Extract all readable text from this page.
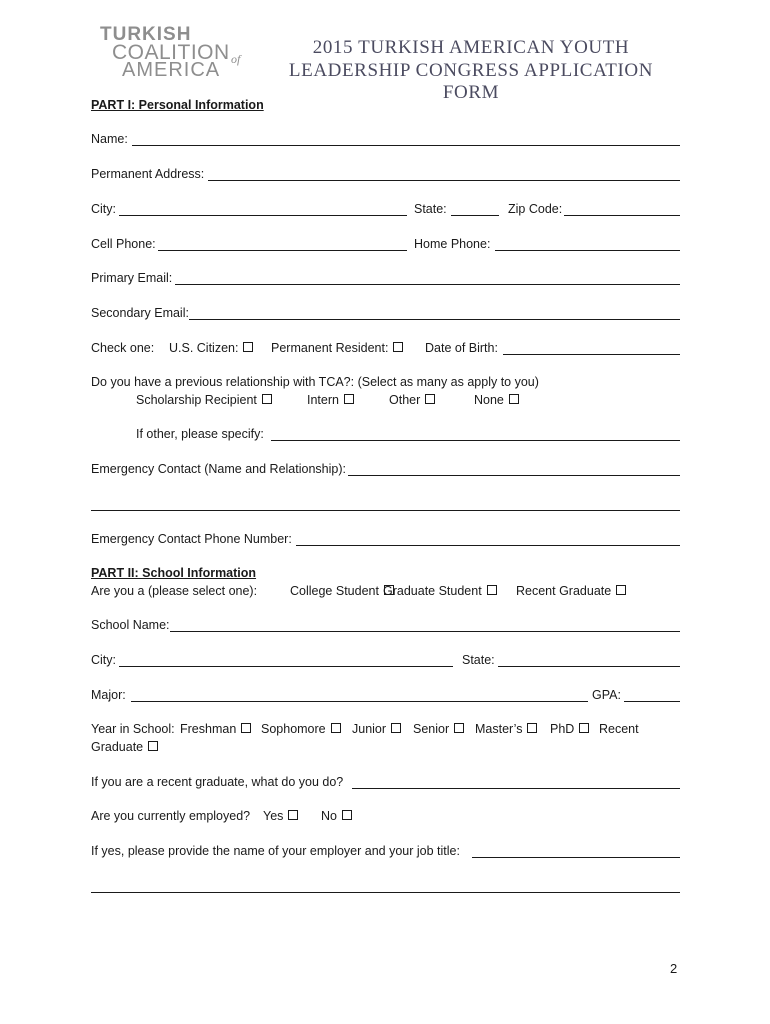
TURKISH
COALITION of
AMERICA
2015 TURKISH AMERICAN YOUTH
LEADERSHIP CONGRESS APPLICATION FORM
PART I: Personal Information
Name:
Permanent Address:
City:	State:	Zip Code:
Cell Phone:	Home Phone:
Primary Email:
Secondary Email:
Check one: U.S. Citizen:	Permanent Resident:	Date of Birth:
Do you have a previous relationship with TCA?: (Select as many as apply to you)
Scholarship Recipient	Intern	Other	None
If other, please specify:
Emergency Contact (Name and Relationship):
Emergency Contact Phone Number:
PART II: School Information
Are you a (please select one):	College Student Graduate Student	Recent Graduate
School Name:
City:	State:
Major:	GPA:
Year in School: Freshman	Sophomore	Junior	Senior	Master’s	PhD	Recent
Graduate
If you are a recent graduate, what do you do?
Are you currently employed? Yes	No
If yes, please provide the name of your employer and your job title:
2
